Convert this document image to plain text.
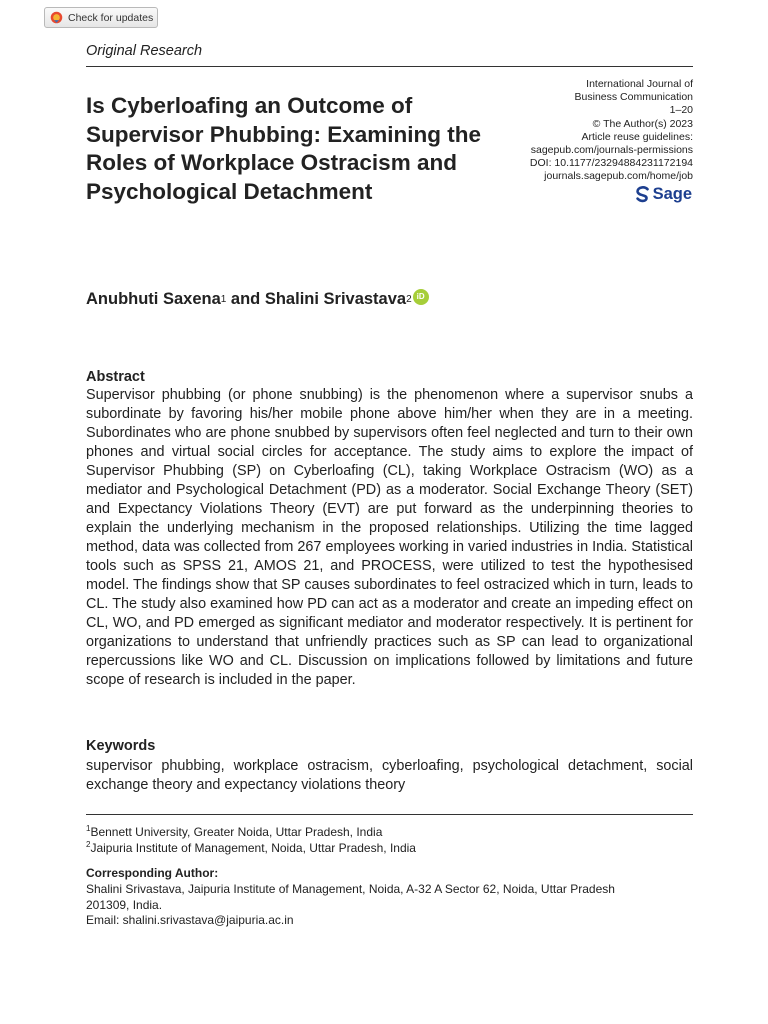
Check for updates
Original Research
Is Cyberloafing an Outcome of Supervisor Phubbing: Examining the Roles of Workplace Ostracism and Psychological Detachment
International Journal of
Business Communication
1–20
© The Author(s) 2023
Article reuse guidelines:
sagepub.com/journals-permissions
DOI: 10.1177/23294884231172194
journals.sagepub.com/home/job
Sage
Anubhuti Saxena 1 and Shalini Srivastava 2 iD
Abstract

Supervisor phubbing (or phone snubbing) is the phenomenon where a supervisor snubs a subordinate by favoring his/her mobile phone above him/her when they are in a meeting. Subordinates who are phone snubbed by supervisors often feel neglected and turn to their own phones and virtual social circles for acceptance. The study aims to explore the impact of Supervisor Phubbing (SP) on Cyberloafing (CL), taking Workplace Ostracism (WO) as a mediator and Psychological Detachment (PD) as a moderator. Social Exchange Theory (SET) and Expectancy Violations Theory (EVT) are put forward as the underpinning theories to explain the underlying mechanism in the proposed relationships. Utilizing the time lagged method, data was collected from 267 employees working in varied industries in India. Statistical tools such as SPSS 21, AMOS 21, and PROCESS, were utilized to test the hypothesised model. The findings show that SP causes subordinates to feel ostracized which in turn, leads to CL. The study also examined how PD can act as a moderator and create an impeding effect on CL, WO, and PD emerged as significant mediator and moderator respectively. It is pertinent for organizations to understand that unfriendly practices such as SP can lead to organizational repercussions like WO and CL. Discussion on implications followed by limitations and future scope of research is included in the paper.

Keywords

supervisor phubbing, workplace ostracism, cyberloafing, psychological detachment, social exchange theory and expectancy violations theory

$^1$Bennett University, Greater Noida, Uttar Pradesh, India
$^2$Jaipuria Institute of Management, Noida, Uttar Pradesh, India
Corresponding Author:
Shalini Srivastava, Jaipuria Institute of Management, Noida, A-32 A Sector 62, Noida, Uttar Pradesh
201309, India.
Email: shalini.srivastava@jaipuria.ac.in
